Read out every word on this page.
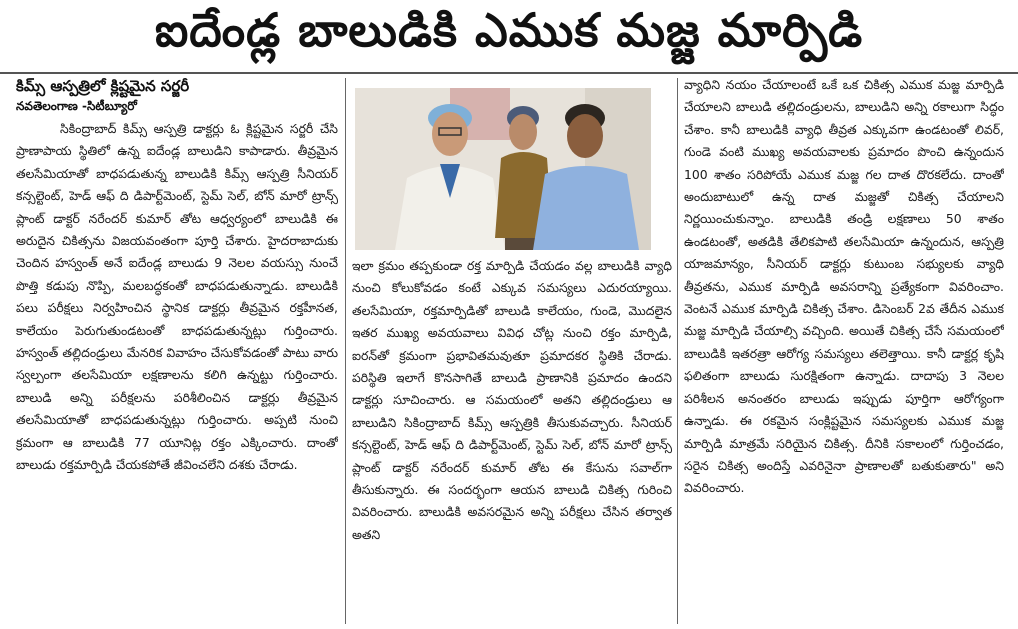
ఐదేండ్ల బాలుడికి ఎముక మజ్జ మార్పిడి
కిమ్స్ ఆస్పత్రిలో క్లిష్టమైన సర్జరీ
నవతెలంగాణ -సిటీబ్యూరో

సికింద్రాబాద్ కిమ్స్ ఆస్పత్రి డాక్టర్లు ఓ క్లిష్టమైన సర్జరీ చేసి ప్రాణాపాయ స్థితిలో ఉన్న ఐదేండ్ల బాలుడిని కాపాడారు. తీవ్రమైన తలసేమియాతో బాధపడుతున్న బాలుడికి కిమ్స్ ఆస్పత్రి సీనియర్ కన్సల్టెంట్, హెడ్ ఆఫ్ ది డిపార్ట్‌మెంట్, స్టెమ్ సెల్, బోన్ మారో ట్రాన్స్ ప్లాంట్ డాక్టర్ నరేందర్ కుమార్ తోట ఆధ్వర్యంలో బాలుడికి ఈ అరుదైన చికిత్సను విజయవంతంగా పూర్తి చేశారు. హైదరాబాదుకు చెందిన హస్వంత్ అనే ఐదేండ్ల బాలుడు 9 నెలల వయస్సు నుంచే పొత్తి కడుపు నొప్పి, మలబద్ధకంతో బాధపడుతున్నాడు. బాలుడికి పలు పరీక్షలు నిర్వహించిన స్థానిక డాక్టర్లు తీవ్రమైన రక్తహీనత, కాలేయం పెరుగుతుండటంతో బాధపడుతున్నట్లు గుర్తించారు. హస్వంత్ తల్లిదండ్రులు మేనరిక వివాహం చేసుకోవడంతో పాటు వారు స్వల్పంగా తలసేమియా లక్షణాలను కలిగి ఉన్నట్టు గుర్తించారు. బాలుడి అన్ని పరీక్షలను పరిశీలించిన డాక్టర్లు తీవ్రమైన తలసేమియాతో బాధపడుతున్నట్లు గుర్తించారు. అప్పటి నుంచి క్రమంగా ఆ బాలుడికి 77 యూనిట్ల రక్తం ఎక్కించారు. దాంతో బాలుడు రక్తమార్పిడి చేయకపోతే జీవించలేని దశకు చేరాడు.

ఇలా క్రమం తప్పకుండా రక్త మార్పిడి చేయడం వల్ల బాలుడికి వ్యాధి నుంచి కోలుకోవడం కంటే ఎక్కువ సమస్యలు ఎదురయ్యాయి. తలసేమియా, రక్తమార్పిడితో బాలుడి కాలేయం, గుండె, మొదలైన ఇతర ముఖ్య అవయవాలు వివిధ చోట్ల నుంచి రక్తం మార్పిడి, ఐరన్‌తో క్రమంగా ప్రభావితమవుతూ ప్రమాదకర స్థితికి చేరాడు. పరిస్థితి ఇలాగే కొనసాగితే బాలుడి ప్రాణానికి ప్రమాదం ఉందని డాక్టర్లు సూచించారు. ఆ సమయంలో అతని తల్లిదండ్రులు ఆ బాలుడిని సికింద్రాబాద్ కిమ్స్ ఆస్పత్రికి తీసుకువచ్చారు. సీనియర్ కన్సల్టెంట్, హెడ్ ఆఫ్ ది డిపార్ట్‌మెంట్, స్టెమ్ సెల్, బోన్ మారో ట్రాన్స్ ప్లాంట్ డాక్టర్ నరేందర్ కుమార్ తోట ఈ కేసును సవాల్‌గా తీసుకున్నారు. ఈ సందర్భంగా ఆయన బాలుడి చికిత్స గురించి వివరించారు. బాలుడికి అవసరమైన అన్ని పరీక్షలు చేసిన తర్వాత అతని

వ్యాధిని నయం చేయాలంటే ఒకే ఒక చికిత్స ఎముక మజ్జ మార్పిడి చేయాలని బాలుడి తల్లిదండ్రులను, బాలుడిని అన్ని రకాలుగా సిద్ధం చేశాం. కానీ బాలుడికి వ్యాధి తీవ్రత ఎక్కువగా ఉండటంతో లివర్, గుండె వంటి ముఖ్య అవయవాలకు ప్రమాదం పొంచి ఉన్నందున 100 శాతం సరిపోయే ఎముక మజ్జ గల దాత దొరకలేదు. దాంతో అందుబాటులో ఉన్న దాత మజ్జతో చికిత్స చేయాలని నిర్ణయించుకున్నాం. బాలుడికి తండ్రి లక్షణాలు 50 శాతం ఉండటంతో, అతడికి తేలికపాటి తలసేమియా ఉన్నందున, ఆస్పత్రి యాజమాన్యం, సీనియర్ డాక్టర్లు కుటుంబ సభ్యులకు వ్యాధి తీవ్రతను, ఎముక మార్పిడి అవసరాన్ని ప్రత్యేకంగా వివరించాం. వెంటనే ఎముక మార్పిడి చికిత్స చేశాం. డిసెంబర్ 2వ తేదీన ఎముక మజ్జ మార్పిడి చేయాల్సి వచ్చింది. అయితే చికిత్స చేసే సమయంలో బాలుడికి ఇతరత్రా ఆరోగ్య సమస్యలు తలెత్తాయి. కానీ డాక్టర్ల కృషి ఫలితంగా బాలుడు సురక్షితంగా ఉన్నాడు. దాదాపు 3 నెలల పరిశీలన అనంతరం బాలుడు ఇప్పుడు పూర్తిగా ఆరోగ్యంగా ఉన్నాడు. ఈ రకమైన సంక్లిష్టమైన సమస్యలకు ఎముక మజ్జ మార్పిడి మాత్రమే సరియైన చికిత్స. దీనికి సకాలంలో గుర్తించడం, సరైన చికిత్స అందిస్తే ఎవరినైనా ప్రాణాలతో బతుకుతారు" అని వివరించారు.
